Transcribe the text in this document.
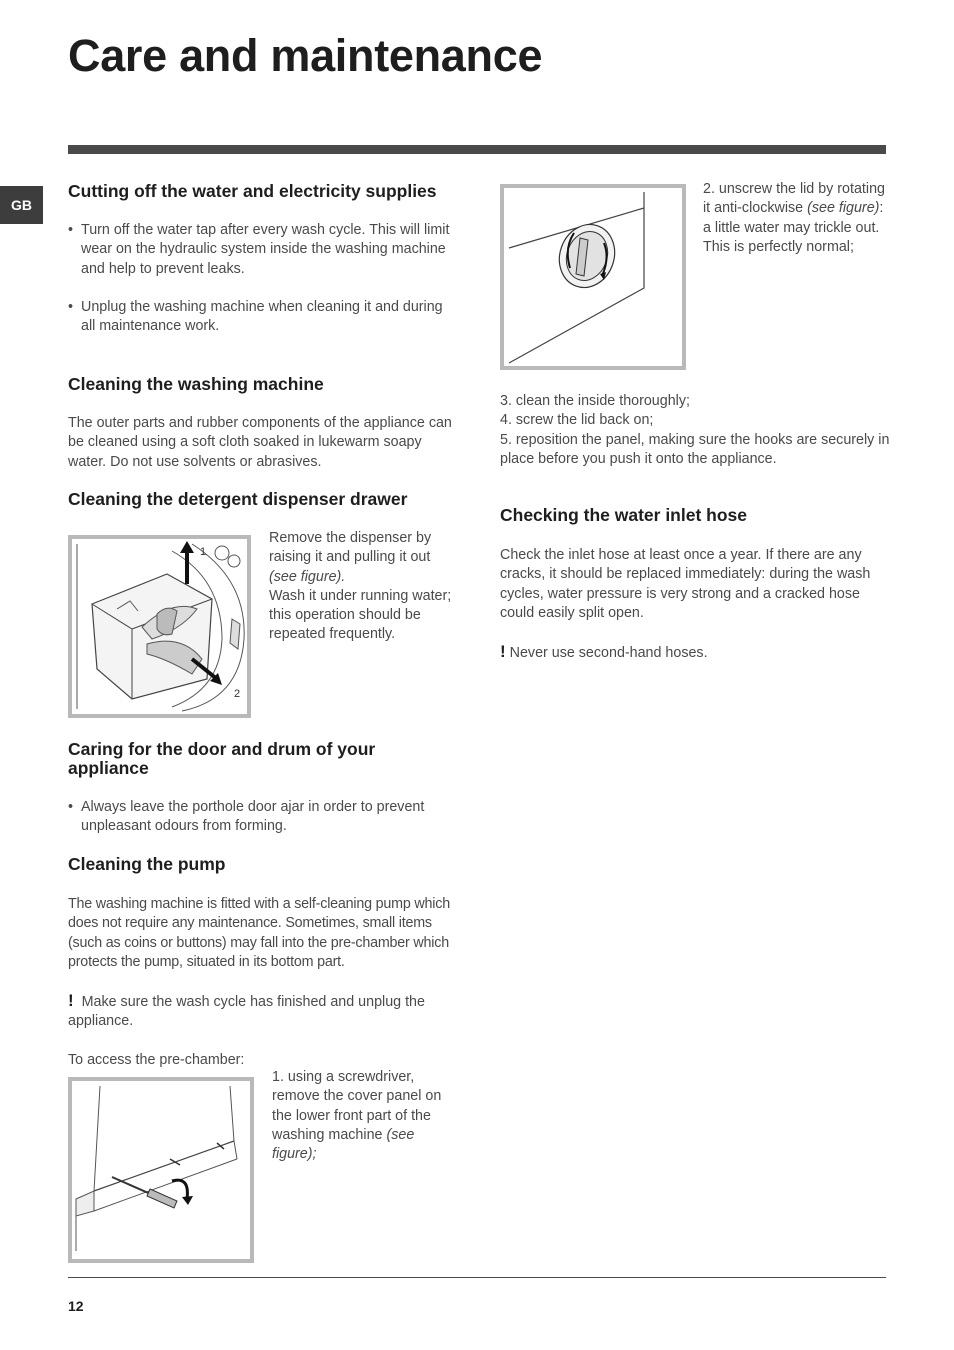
Care and maintenance
GB
Cutting off the water and electricity supplies
• Turn off the water tap after every wash cycle. This will limit wear on the hydraulic system inside the washing machine and help to prevent leaks.
• Unplug the washing machine when cleaning it and during all maintenance work.
Cleaning the washing machine

The outer parts and rubber components of the appliance can be cleaned using a soft cloth soaked in lukewarm soapy water. Do not use solvents or abrasives.

Cleaning the detergent dispenser drawer
1
2

Remove the dispenser by raising it and pulling it out (see figure).

Wash it under running water; this operation should be repeated frequently.

Caring for the door and drum of your appliance
• Always leave the porthole door ajar in order to prevent unpleasant odours from forming.
Cleaning the pump

The washing machine is fitted with a self-cleaning pump which does not require any maintenance. Sometimes, small items (such as coins or buttons) may fall into the pre-chamber which protects the pump, situated in its bottom part.

! Make sure the wash cycle has finished and unplug the appliance.

To access the pre-chamber:

1. using a screwdriver, remove the cover panel on the lower front part of the washing machine (see figure);

2. unscrew the lid by rotating it anti-clockwise (see figure): a little water may trickle out. This is perfectly normal;

3. clean the inside thoroughly;

4. screw the lid back on;

5. reposition the panel, making sure the hooks are securely in place before you push it onto the appliance.

Checking the water inlet hose

Check the inlet hose at least once a year. If there are any cracks, it should be replaced immediately: during the wash cycles, water pressure is very strong and a cracked hose could easily split open.

! Never use second-hand hoses.

12
